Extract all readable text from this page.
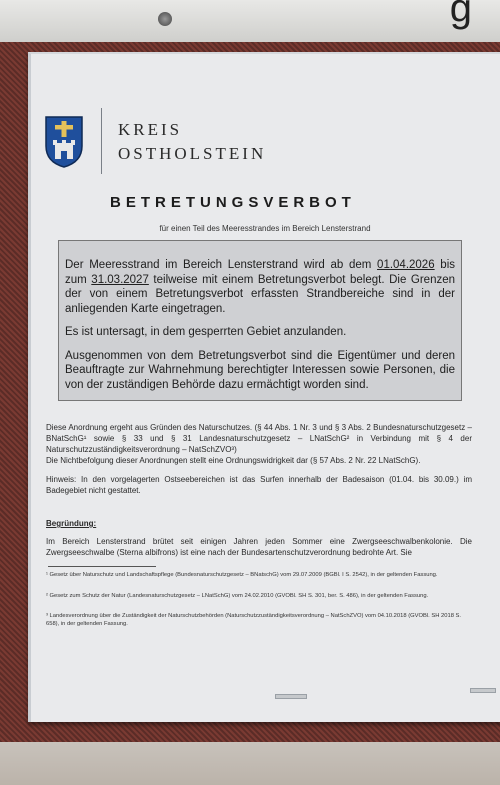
g
KREIS
OSTHOLSTEIN
BETRETUNGSVERBOT
für einen Teil des Meeresstrandes im Bereich Lensterstrand

Der Meeresstrand im Bereich Lensterstrand wird ab dem 01.04.2026 bis zum 31.03.2027 teilweise mit einem Betretungsverbot belegt. Die Grenzen der von einem Betretungsverbot erfassten Strandbereiche sind in der anliegenden Karte eingetragen.

Es ist untersagt, in dem gesperrten Gebiet anzulanden.

Ausgenommen von dem Betretungsverbot sind die Eigentümer und deren Beauftragte zur Wahrnehmung berechtigter Interessen sowie Personen, die von der zuständigen Behörde dazu ermächtigt worden sind.

Diese Anordnung ergeht aus Gründen des Naturschutzes. (§ 44 Abs. 1 Nr. 3 und § 3 Abs. 2 Bundesnaturschutzgesetz – BNatSchG¹ sowie § 33 und § 31 Landesnaturschutzgesetz – LNatSchG² in Verbindung mit § 4 der Naturschutzzuständigkeitsverordnung – NatSchZVO³)
Die Nichtbefolgung dieser Anordnungen stellt eine Ordnungswidrigkeit dar (§ 57 Abs. 2 Nr. 22 LNatSchG).
Hinweis: In den vorgelagerten Ostseebereichen ist das Surfen innerhalb der Badesaison (01.04. bis 30.09.) im Badegebiet nicht gestattet.
Begründung:
Im Bereich Lensterstrand brütet seit einigen Jahren jeden Sommer eine Zwergseeschwalbenkolonie. Die Zwergseeschwalbe (Sterna albifrons) ist eine nach der Bundesartenschutzverordnung bedrohte Art. Sie
¹ Gesetz über Naturschutz und Landschaftspflege (Bundesnaturschutzgesetz – BNatschG) vom 29.07.2009 (BGBl. I S. 2542), in der geltenden Fassung.
² Gesetz zum Schutz der Natur (Landesnaturschutzgesetz – LNatSchG) vom 24.02.2010 (GVOBl. SH S. 301, ber. S. 486), in der geltenden Fassung.
³ Landesverordnung über die Zuständigkeit der Naturschutzbehörden (Naturschutzzuständigkeitsverordnung – NatSchZVO) vom 04.10.2018 (GVOBl. SH 2018 S. 658), in der geltenden Fassung.
